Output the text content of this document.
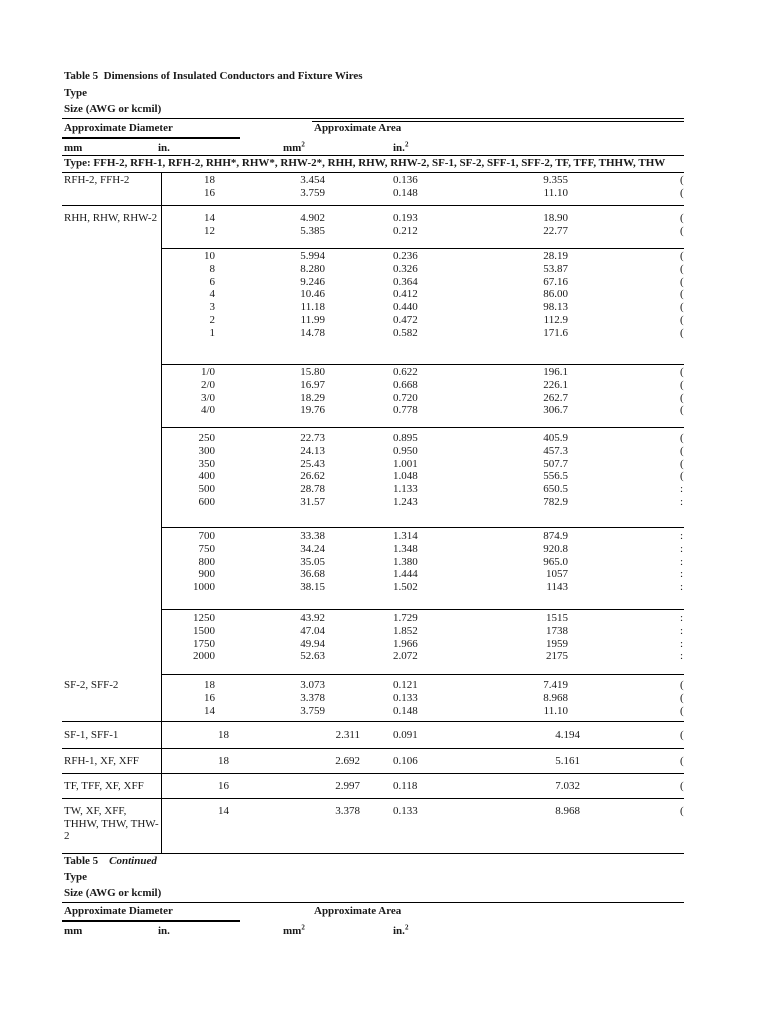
Table 5 Dimensions of Insulated Conductors and Fixture Wires
Type
Size (AWG or kcmil)
Approximate Diameter	Approximate Area
mm	in.	$mm^2$	in.$^2$
Type: FFH-2, RFH-1, RFH-2, RHH*, RHW*, RHW-2*, RHH, RHW, RHW-2, SF-1, SF-2, SFF-1, SFF-2, TF, TFF, THHW, THW
RFH-2, FFH-2	18	3.454	0.136	9.355	(
16	3.759	0.148	11.10	(
RHH, RHW, RHW-2	14	4.902	0.193	18.90	(
12	5.385	0.212	22.77	(
10	5.994	0.236	28.19	(
8	8.280	0.326	53.87	(
6	9.246	0.364	67.16	(
4	10.46	0.412	86.00	(
3	11.18	0.440	98.13	(
2	11.99	0.472	112.9	(
1	14.78	0.582	171.6	(
1/0	15.80	0.622	196.1	(
2/0	16.97	0.668	226.1	(
3/0	18.29	0.720	262.7	(
4/0	19.76	0.778	306.7	(
250	22.73	0.895	405.9	(
300	24.13	0.950	457.3	(
350	25.43	1.001	507.7	(
400	26.62	1.048	556.5	(
500	28.78	1.133	650.5	:
600	31.57	1.243	782.9	:
700	33.38	1.314	874.9	:
750	34.24	1.348	920.8	:
800	35.05	1.380	965.0	:
900	36.68	1.444	1057	:
1000	38.15	1.502	1143	:
1250	43.92	1.729	1515	:
1500	47.04	1.852	1738	:
1750	49.94	1.966	1959	:
2000	52.63	2.072	2175	:
SF-2, SFF-2	18	3.073	0.121	7.419	(
16	3.378	0.133	8.968	(
14	3.759	0.148	11.10	(
SF-1, SFF-1	18	2.311	0.091	4.194	(
RFH-1, XF, XFF	18	2.692	0.106	5.161	(
TF, TFF, XF, XFF	16	2.997	0.118	7.032	(
TW, XF, XFF, THHW, THW, THW-2
14	3.378	0.133	8.968	(
Table 5 Continued
Type
Size (AWG or kcmil)
Approximate Diameter	Approximate Area
mm	in.	$mm^2$	in.$^2$
